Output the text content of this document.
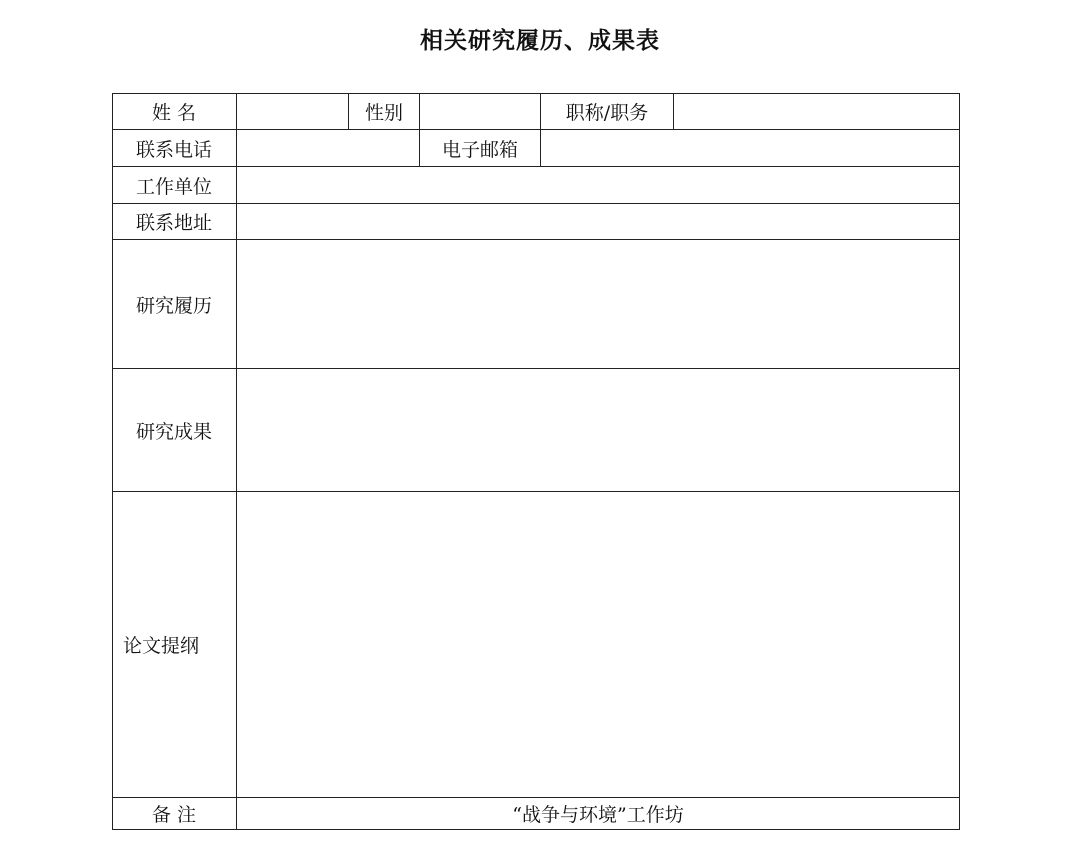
相关研究履历、成果表
姓 名	性别	职称/职务
联系电话	电子邮箱
工作单位
联系地址
研究履历
研究成果
论文提纲
备 注	“战争与环境”工作坊
